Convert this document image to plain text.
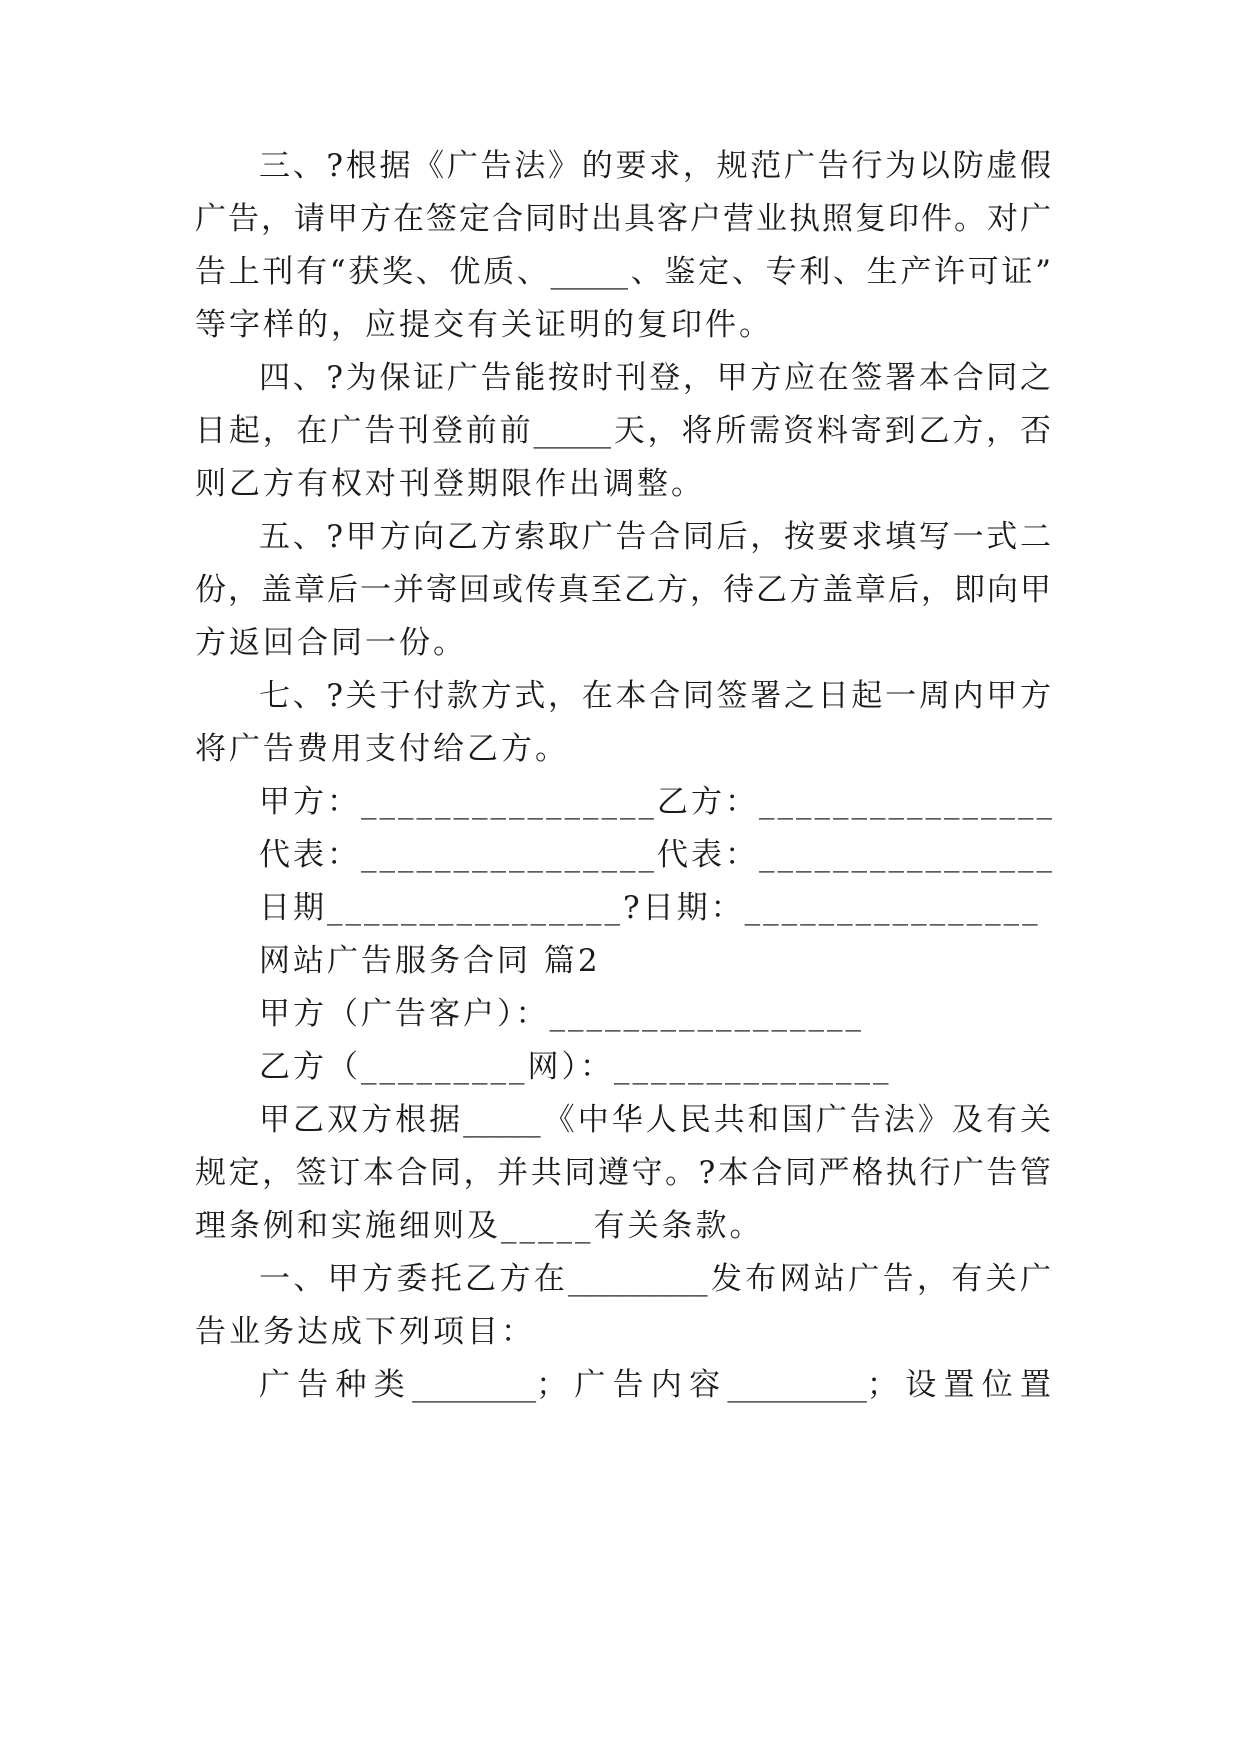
三、?根据《广告法》的要求，规范广告行为以防虚假
广告，请甲方在签定合同时出具客户营业执照复印件。对广
告上刊有“获奖、优质、_____、鉴定、专利、生产许可证”
等字样的，应提交有关证明的复印件。
四、?为保证广告能按时刊登，甲方应在签署本合同之
日起，在广告刊登前前_____天，将所需资料寄到乙方，否
则乙方有权对刊登期限作出调整。
五、?甲方向乙方索取广告合同后，按要求填写一式二
份，盖章后一并寄回或传真至乙方，待乙方盖章后，即向甲
方返回合同一份。
七、?关于付款方式，在本合同签署之日起一周内甲方
将广告费用支付给乙方。
甲方：________________乙方：________________
代表：________________代表：________________
日期________________?日期：________________
网站广告服务合同 篇2
甲方（广告客户）：_________________
乙方（_________网）：_______________
甲乙双方根据_____《中华人民共和国广告法》及有关
规定，签订本合同，并共同遵守。?本合同严格执行广告管
理条例和实施细则及_____有关条款。
一、甲方委托乙方在_________发布网站广告，有关广
告业务达成下列项目：
广告种类________；广告内容_________；设置位置
